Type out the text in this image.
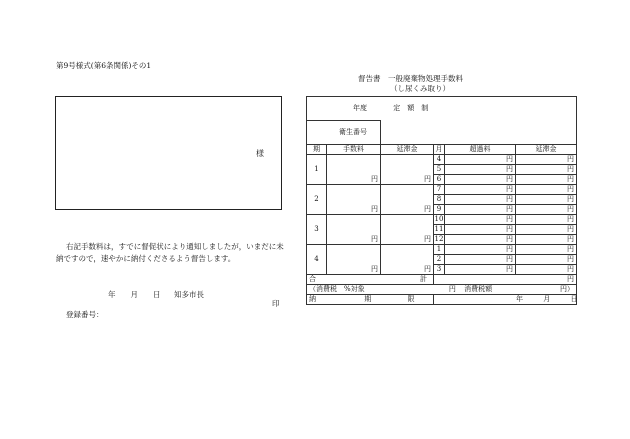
第9号様式(第6条関係)その1
督告書　一般廃棄物処理手数料
（し尿くみ取り）
様
右記手数料は，すでに督促状により通知しましたが，いまだに未納ですので，速やかに納付くださるよう督告します。
年　　月　　日 知多市長
印
登録番号：
年度 定　額　制					
衛生番号					
期	手数料	延滞金	月	超過料	延滞金
1	円	円	4	円	円
			5	円	円
			6	円	円
2	円	円	7	円	円
			8	円	円
			9	円	円
3	円	円	10	円	円
			11	円	円
			12	円	円
4	円	円	1	円	円
			2	円	円
			3	円	円
合 計			円		
（消費税　%対象 円 消費税額 円）					

納 期 限			年 月 日		
